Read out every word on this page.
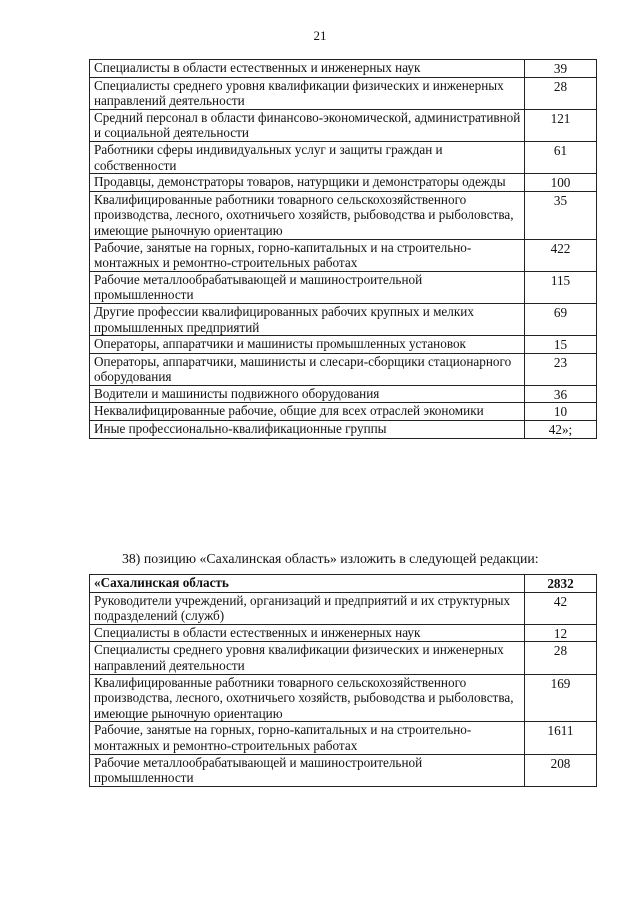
21
Специалисты в области естественных и инженерных наук	39
Специалисты среднего уровня квалификации физических и инженерных направлений деятельности	28
Средний персонал в области финансово-экономической, административной и социальной деятельности	121
Работники сферы индивидуальных услуг и защиты граждан и собственности	61
Продавцы, демонстраторы товаров, натурщики и демонстраторы одежды	100
Квалифицированные работники товарного сельскохозяйственного производства, лесного, охотничьего хозяйств, рыбоводства и рыболовства, имеющие рыночную ориентацию	35
Рабочие, занятые на горных, горно-капитальных и на строительно-монтажных и ремонтно-строительных работах	422
Рабочие металлообрабатывающей и машиностроительной промышленности	115
Другие профессии квалифицированных рабочих крупных и мелких промышленных предприятий	69
Операторы, аппаратчики и машинисты промышленных установок	15
Операторы, аппаратчики, машинисты и слесари-сборщики стационарного оборудования	23
Водители и машинисты подвижного оборудования	36
Неквалифицированные рабочие, общие для всех отраслей экономики	10
Иные профессионально-квалификационные группы	42»;
38) позицию «Сахалинская область» изложить в следующей редакции:
«Сахалинская область	2832
Руководители учреждений, организаций и предприятий и их структурных подразделений (служб)	42
Специалисты в области естественных и инженерных наук	12
Специалисты среднего уровня квалификации физических и инженерных направлений деятельности	28
Квалифицированные работники товарного сельскохозяйственного производства, лесного, охотничьего хозяйств, рыбоводства и рыболовства, имеющие рыночную ориентацию	169
Рабочие, занятые на горных, горно-капитальных и на строительно-монтажных и ремонтно-строительных работах	1611
Рабочие металлообрабатывающей и машиностроительной промышленности	208
